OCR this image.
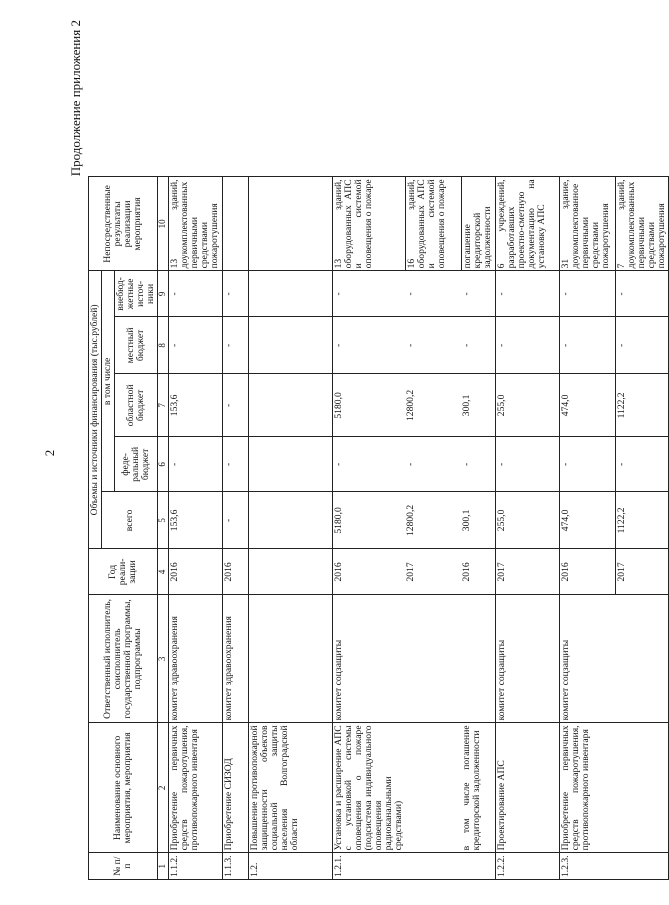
2
Продолжение приложения 2
№ п/п	Наименование основного мероприятия, мероприятия	Ответственный исполнитель, соисполнитель государственной программы, подпрограммы	Год реали-зации	Объемы и источники финансирования (тыс.рублей)					Непосредственные результаты реализации мероприятия
				всего	в том числе				
					феде-ральный бюджет	областной бюджет	местный бюджет	внебюд-жетные источ-ники	
1	2	3	4	5	6	7	8	9	10
1.1.2.	Приобретение первичных средств пожаротушения, противопожарного инвентаря	комитет здравоохранения	2016	153,6	-	153,6	-	-	13 зданий, доукомплектованных первичными средствами пожаротушения
1.1.3.	Приобретение СИЗОД	комитет здравоохранения	2016	-	-	-	-	-	
1.2.	Повышение противопожарной защищенности объектов социальной защиты населения Волгоградской области								
1.2.1.	Установка и расширение АПС с установкой системы оповещения о пожаре (подсистема индивидуального оповещения радиоканальными средствами)	комитет соцзащиты	2016	5180,0	-	5180,0	-	-	13 зданий, оборудованных АПС и системой оповещения о пожаре
			2017	12800,2	-	12800,2	-	-	16 зданий, оборудованных АПС и системой оповещения о пожаре
	в том числе погашение кредиторской задолженности		2016	300,1	-	300,1	-	-	погашение кредиторской задолженности
1.2.2.	Проектирование АПС	комитет соцзащиты	2017	255,0	-	255,0	-	-	6 учреждений, разработавших проектно-сметную документацию на установку АПС
1.2.3.	Приобретение первичных средств пожаротушения, противопожарного инвентаря	комитет соцзащиты	2016	474,0	-	474,0	-	-	31 здание, доукомплектованное первичными средствами пожаротушения
			2017	1122,2	-	1122,2	-	-	7 зданий, доукомплектованных первичными средствами пожаротушения
